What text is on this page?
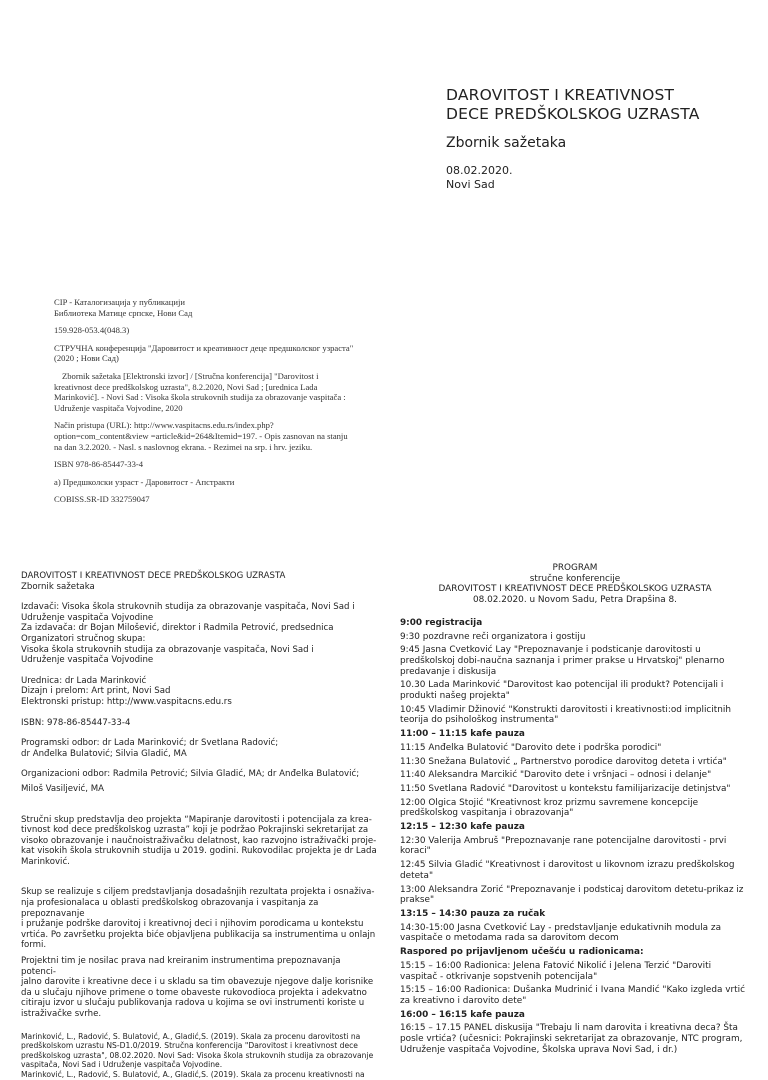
DAROVITOST I KREATIVNOST
DECE PREDŠKOLSKOG UZRASTA
Zbornik sažetaka
08.02.2020.
Novi Sad
CIP - Каталогизација у публикацији

Библиотека Матице српске, Нови Сад

159.928-053.4(048.3)

СТРУЧНА конференција "Даровитост и креативност деце предшколског узраста" (2020 ; Нови Сад)

Zbornik sažetaka [Elektronski izvor] / [Stručna konferencija] "Darovitost i kreativnost dece predškolskog uzrasta", 8.2.2020, Novi Sad ; [urednica Lada Marinković]. - Novi Sad : Visoka škola strukovnih studija za obrazovanje vaspitača : Udruženje vaspitača Vojvodine, 2020

Način pristupa (URL): http://www.vaspitacns.edu.rs/index.php?option=com_content&view =article&id=264&Itemid=197. - Opis zasnovan na stanju na dan 3.2.2020. - Nasl. s naslovnog ekrana. - Rezimei na srp. i hrv. jeziku.

ISBN 978-86-85447-33-4

a) Предшколски узраст - Даровитост - Апстракти

COBISS.SR-ID 332759047

DAROVITOST I KREATIVNOST DECE PREDŠKOLSKOG UZRASTA

Zbornik sažetaka

Izdavači: Visoka škola strukovnih studija za obrazovanje vaspitača, Novi Sad i

Udruženje vaspitača Vojvodine

Za izdavača: dr Bojan Milošević, direktor i Radmila Petrović, predsednica

Organizatori stručnog skupa:

Visoka škola strukovnih studija za obrazovanje vaspitača, Novi Sad i

Udruženje vaspitača Vojvodine

Urednica: dr Lada Marinković

Dizajn i prelom: Art print, Novi Sad

Elektronski pristup: http://www.vaspitacns.edu.rs

ISBN: 978-86-85447-33-4

Programski odbor: dr Lada Marinković; dr Svetlana Radović;

dr Anđelka Bulatović; Silvia Gladić, MA

Organizacioni odbor: Radmila Petrović; Silvia Gladić, MA; dr Anđelka Bulatović;

Miloš Vasiljević, MA

Stručni skup predstavlja deo projekta “Mapiranje darovitosti i potencijala za krea-

tivnost kod dece predškolskog uzrasta” koji je podržao Pokrajinski sekretarijat za

visoko obrazovanje i naučnoistraživačku delatnost, kao razvojno istraživački proje-

kat visokih škola strukovnih studija u 2019. godini. Rukovodilac projekta je dr Lada

Marinković.

Skup se realizuje s ciljem predstavljanja dosadašnjih rezultata projekta i osnaživa-

nja profesionalaca u oblasti predškolskog obrazovanja i vaspitanja za prepoznavanje

i pružanje podrške darovitoj i kreativnoj deci i njihovim porodicama u kontekstu

vrtića. Po završetku projekta biće objavljena publikacija sa instrumentima u onlajn

formi.

Projektni tim je nosilac prava nad kreiranim instrumentima prepoznavanja potenci-

jalno darovite i kreativne dece i u skladu sa tim obavezuje njegove dalje korisnike

da u slučaju njihove primene o tome obaveste rukovodioca projekta i adekvatno

citiraju izvor u slučaju publikovanja radova u kojima se ovi instrumenti koriste u

istraživačke svrhe.

Marinković, L., Radović, S. Bulatović, A., Gladić,S. (2019). Skala za procenu darovitosti na

predškolskom uzrastu NS-D1.0/2019. Stručna konferencija "Darovitost i kreativnost dece

predškolskog uzrasta", 08.02.2020. Novi Sad: Visoka škola strukovnih studija za obrazovanje

vaspitača, Novi Sad i Udruženje vaspitača Vojvodine.

Marinković, L., Radović, S. Bulatović, A., Gladić,S. (2019). Skala za procenu kreativnosti na

PROGRAM

stručne konferencije

DAROVITOST I KREATIVNOST DECE PREDŠKOLSKOG UZRASTA

08.02.2020. u Novom Sadu, Petra Drapšina 8.

9:00 registracija

9:30 pozdravne reči organizatora i gostiju

9:45 Jasna Cvetković Lay "Prepoznavanje i podsticanje darovitosti u predškolskoj dobi-naučna saznanja i primer prakse u Hrvatskoj" plenarno predavanje i diskusija

10.30 Lada Marinković "Darovitost kao potencijal ili produkt? Potencijali i produkti našeg projekta"

10:45 Vladimir Džinović "Konstrukti darovitosti i kreativnosti:od implicitnih teorija do psihološkog instrumenta"

11:00 – 11:15 kafe pauza

11:15 Anđelka Bulatović "Darovito dete i podrška porodici"

11:30 Snežana Bulatović „ Partnerstvo porodice darovitog deteta i vrtića"

11:40 Aleksandra Marcikić "Darovito dete i vršnjaci – odnosi i delanje"

11:50 Svetlana Radović "Darovitost u kontekstu familijarizacije detinjstva"

12:00 Olgica Stojić "Kreativnost kroz prizmu savremene koncepcije predškolskog vaspitanja i obrazovanja"

12:15 – 12:30 kafe pauza

12:30 Valerija Ambruš "Prepoznavanje rane potencijalne darovitosti - prvi koraci"

12:45 Silvia Gladić "Kreativnost i darovitost u likovnom izrazu predškolskog deteta"

13:00 Aleksandra Zorić "Prepoznavanje i podsticaj darovitom detetu-prikaz iz prakse"

13:15 – 14:30 pauza za ručak

14:30-15:00 Jasna Cvetković Lay - predstavljanje edukativnih modula za vaspitače o metodama rada sa darovitom decom

Raspored po prijavljenom učešću u radionicama:

15:15 – 16:00 Radionica: Jelena Fatović Nikolić i Jelena Terzić "Daroviti vaspitač - otkrivanje sopstvenih potencijala"

15:15 – 16:00 Radionica: Dušanka Mudrinić i Ivana Mandić "Kako izgleda vrtić za kreativno i darovito dete"

16:00 – 16:15 kafe pauza

16:15 – 17.15 PANEL diskusija "Trebaju li nam darovita i kreativna deca? Šta posle vrtića? (učesnici: Pokrajinski sekretarijat za obrazovanje, NTC program, Udruženje vaspitača Vojvodine, Školska uprava Novi Sad, i dr.)
